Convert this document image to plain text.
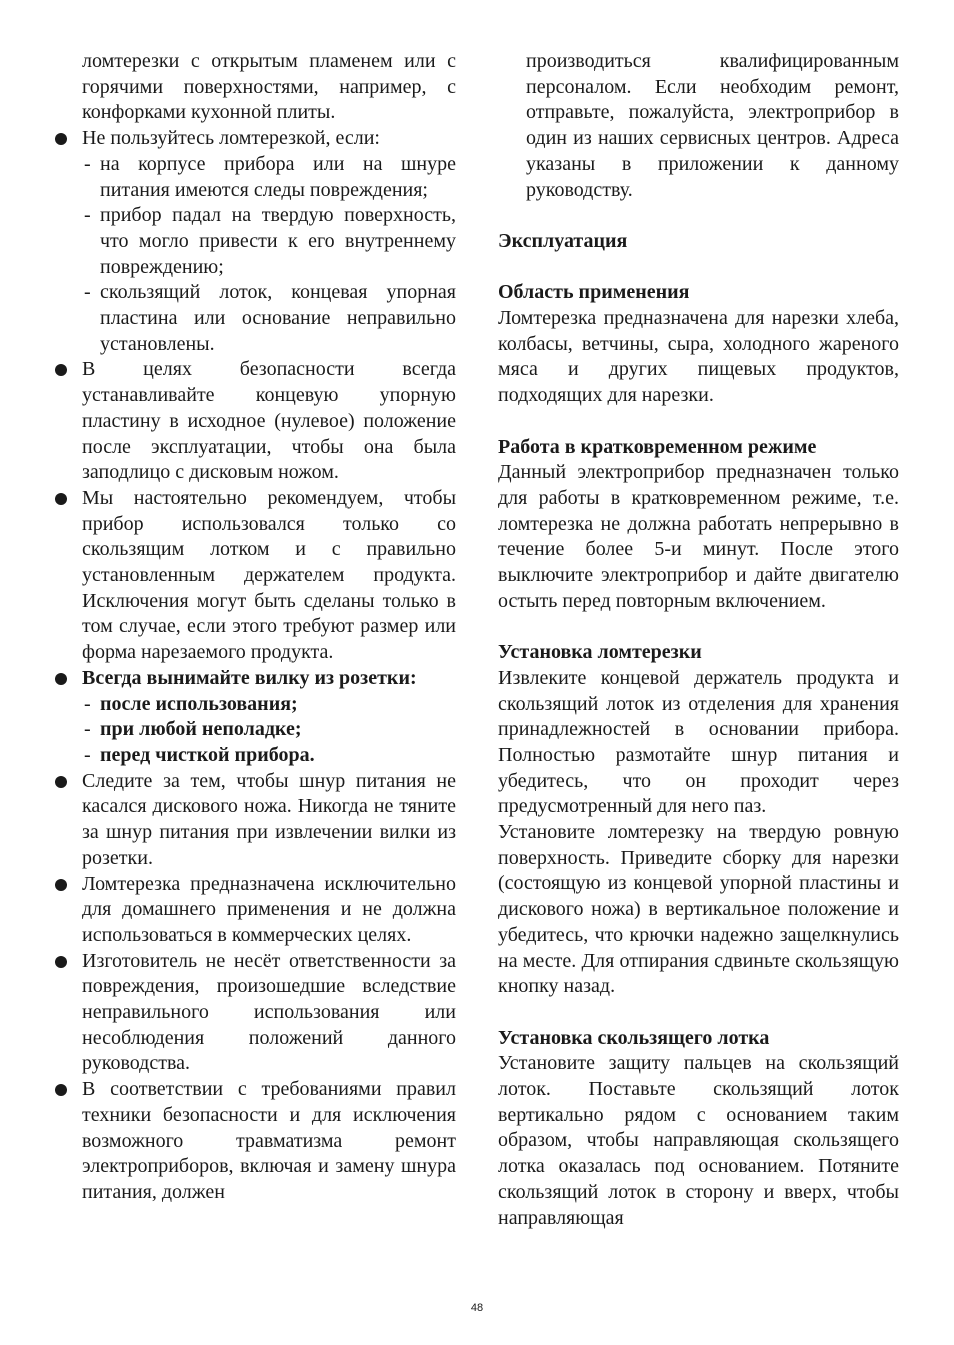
ломтерезки с открытым пламенем или с горячими поверхностями, например, с конфорками кухонной плиты.

Не пользуйтесь ломтерезкой, если:

- на корпусе прибора или на шнуре питания имеются следы повреждения;

- прибор падал на твердую поверхность, что могло привести к его внутреннему повреждению;

- скользящий лоток, концевая упорная пластина или основание неправильно установлены.

В целях безопасности всегда устанавливайте концевую упорную пластину в исходное (нулевое) положение после эксплуатации, чтобы она была заподлицо с дисковым ножом.

Мы настоятельно рекомендуем, чтобы прибор использовался только со скользящим лотком и с правильно установленным держателем продукта. Исключения могут быть сделаны только в том случае, если этого требуют размер или форма нарезаемого продукта.

Всегда вынимайте вилку из розетки:

- после использования;

- при любой неполадке;

- перед чисткой прибора.

Следите за тем, чтобы шнур питания не касался дискового ножа. Никогда не тяните за шнур питания при извлечении вилки из розетки.

Ломтерезка предназначена исключительно для домашнего применения и не должна использоваться в коммерческих целях.

Изготовитель не несёт ответственности за повреждения, произошедшие вследствие неправильного использования или несоблюдения положений данного руководства.

В соответствии с требованиями правил техники безопасности и для исключения возможного травматизма ремонт электроприборов, включая и замену шнура питания, должен

производиться квалифицированным персоналом. Если необходим ремонт, отправьте, пожалуйста, электроприбор в один из наших сервисных центров. Адреса указаны в приложении к данному руководству.

Эксплуатация

Область применения

Ломтерезка предназначена для нарезки хлеба, колбасы, ветчины, сыра, холодного жареного мяса и других пищевых продуктов, подходящих для нарезки.

Работа в кратковременном режиме

Данный электроприбор предназначен только для работы в кратковременном режиме, т.е. ломтерезка не должна работать непрерывно в течение более 5-и минут. После этого выключите электроприбор и дайте двигателю остыть перед повторным включением.

Установка ломтерезки

Извлеките концевой держатель продукта и скользящий лоток из отделения для хранения принадлежностей в основании прибора. Полностью размотайте шнур питания и убедитесь, что он проходит через предусмотренный для него паз.

Установите ломтерезку на твердую ровную поверхность. Приведите сборку для нарезки (состоящую из концевой упорной пластины и дискового ножа) в вертикальное положение и убедитесь, что крючки надежно защелкнулись на месте. Для отпирания сдвиньте скользящую кнопку назад.

Установка скользящего лотка

Установите защиту пальцев на скользящий лоток. Поставьте скользящий лоток вертикально рядом с основанием таким образом, чтобы направляющая скользящего лотка оказалась под основанием. Потяните скользящий лоток в сторону и вверх, чтобы направляющая

48
